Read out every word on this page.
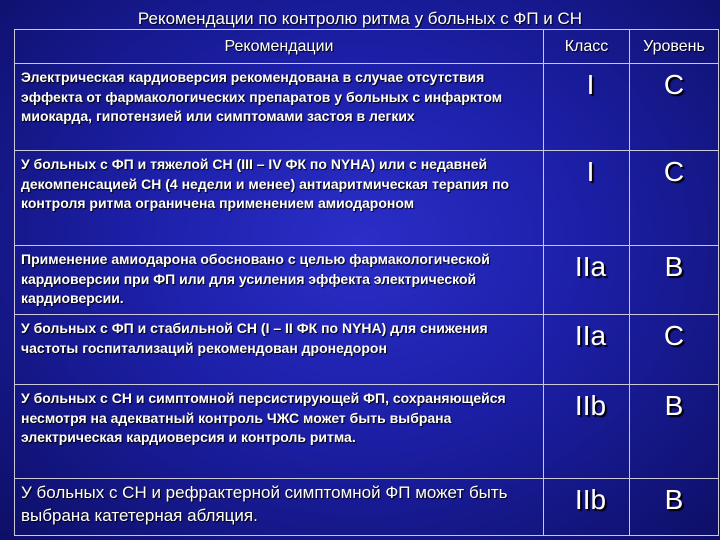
Рекомендации по контролю ритма у больных с ФП и СН
Рекомендации	Класс	Уровень

Электрическая кардиоверсия рекомендована в случае отсутствия эффекта от фармакологических препаратов у больных с инфарктом миокарда, гипотензией или симптомами застоя в легких	I	C

У больных с ФП и тяжелой СН (III – IV ФК по NYHA) или с недавней декомпенсацией СН (4 недели и менее) антиаритмическая терапия по контроля ритма ограничена применением амиодароном	I	C

Применение амиодарона обосновано с целью фармакологической кардиоверсии при ФП или для усиления эффекта электрической кардиоверсии.	IIa	B

У больных с ФП и стабильной СН (I – II ФК по NYHA) для снижения частоты госпитализаций рекомендован дронедорон	IIa	C

У больных с СН и симптомной персистирующей ФП, сохраняющейся несмотря на адекватный контроль ЧЖС может быть выбрана электрическая кардиоверсия и контроль ритма.	IIb	B

У больных с СН и рефрактерной симптомной ФП может быть выбрана катетерная абляция.	IIb	B
